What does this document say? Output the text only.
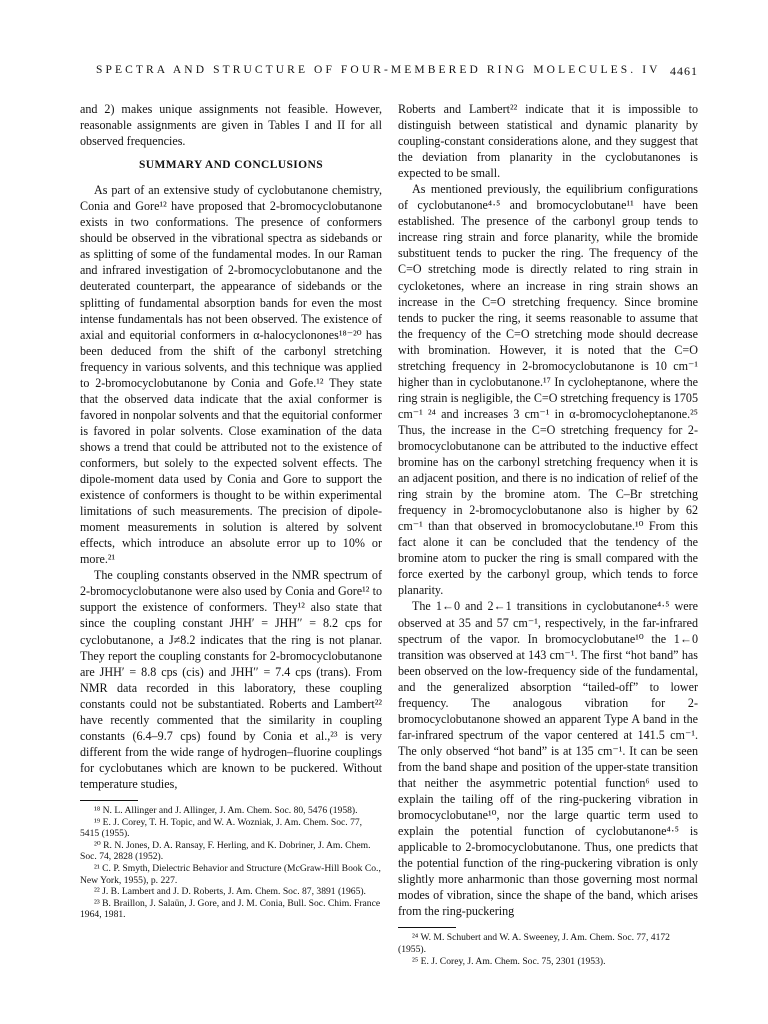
SPECTRA AND STRUCTURE OF FOUR-MEMBERED RING MOLECULES. IV 4461

and 2) makes unique assignments not feasible. However, reasonable assignments are given in Tables I and II for all observed frequencies.

SUMMARY AND CONCLUSIONS

As part of an extensive study of cyclobutanone chemistry, Conia and Gore¹² have proposed that 2-bromocyclobutanone exists in two conformations. The presence of conformers should be observed in the vibrational spectra as sidebands or as splitting of some of the fundamental modes. In our Raman and infrared investigation of 2-bromocyclobutanone and the deuterated counterpart, the appearance of sidebands or the splitting of fundamental absorption bands for even the most intense fundamentals has not been observed. The existence of axial and equitorial conformers in α-halocyclonones¹⁸⁻²⁰ has been deduced from the shift of the carbonyl stretching frequency in various solvents, and this technique was applied to 2-bromocyclobutanone by Conia and Gofe.¹² They state that the observed data indicate that the axial conformer is favored in nonpolar solvents and that the equitorial conformer is favored in polar solvents. Close examination of the data shows a trend that could be attributed not to the existence of conformers, but solely to the expected solvent effects. The dipole-moment data used by Conia and Gore to support the existence of conformers is thought to be within experimental limitations of such measurements. The precision of dipole-moment measurements in solution is altered by solvent effects, which introduce an absolute error up to 10% or more.²¹

The coupling constants observed in the NMR spectrum of 2-bromocyclobutanone were also used by Conia and Gore¹² to support the existence of conformers. They¹² also state that since the coupling constant JHH′ = JHH′′ = 8.2 cps for cyclobutanone, a J≠8.2 indicates that the ring is not planar. They report the coupling constants for 2-bromocyclobutanone are JHH′ = 8.8 cps (cis) and JHH′′ = 7.4 cps (trans). From NMR data recorded in this laboratory, these coupling constants could not be substantiated. Roberts and Lambert²² have recently commented that the similarity in coupling constants (6.4–9.7 cps) found by Conia et al.,²³ is very different from the wide range of hydrogen–fluorine couplings for cyclobutanes which are known to be puckered. Without temperature studies,

¹⁸ N. L. Allinger and J. Allinger, J. Am. Chem. Soc. 80, 5476 (1958).

¹⁹ E. J. Corey, T. H. Topic, and W. A. Wozniak, J. Am. Chem. Soc. 77, 5415 (1955).

²⁰ R. N. Jones, D. A. Ransay, F. Herling, and K. Dobriner, J. Am. Chem. Soc. 74, 2828 (1952).

²¹ C. P. Smyth, Dielectric Behavior and Structure (McGraw-Hill Book Co., New York, 1955), p. 227.

²² J. B. Lambert and J. D. Roberts, J. Am. Chem. Soc. 87, 3891 (1965).

²³ B. Braillon, J. Salaün, J. Gore, and J. M. Conia, Bull. Soc. Chim. France 1964, 1981.

Roberts and Lambert²² indicate that it is impossible to distinguish between statistical and dynamic planarity by coupling-constant considerations alone, and they suggest that the deviation from planarity in the cyclobutanones is expected to be small.

As mentioned previously, the equilibrium configurations of cyclobutanone⁴·⁵ and bromocyclobutane¹¹ have been established. The presence of the carbonyl group tends to increase ring strain and force planarity, while the bromide substituent tends to pucker the ring. The frequency of the C=O stretching mode is directly related to ring strain in cycloketones, where an increase in ring strain shows an increase in the C=O stretching frequency. Since bromine tends to pucker the ring, it seems reasonable to assume that the frequency of the C=O stretching mode should decrease with bromination. However, it is noted that the C=O stretching frequency in 2-bromocyclobutanone is 10 cm⁻¹ higher than in cyclobutanone.¹⁷ In cycloheptanone, where the ring strain is negligible, the C=O stretching frequency is 1705 cm⁻¹ ²⁴ and increases 3 cm⁻¹ in α-bromocycloheptanone.²⁵ Thus, the increase in the C=O stretching frequency for 2-bromocyclobutanone can be attributed to the inductive effect bromine has on the carbonyl stretching frequency when it is an adjacent position, and there is no indication of relief of the ring strain by the bromine atom. The C–Br stretching frequency in 2-bromocyclobutanone also is higher by 62 cm⁻¹ than that observed in bromocyclobutane.¹⁰ From this fact alone it can be concluded that the tendency of the bromine atom to pucker the ring is small compared with the force exerted by the carbonyl group, which tends to force planarity.

The 1←0 and 2←1 transitions in cyclobutanone⁴·⁵ were observed at 35 and 57 cm⁻¹, respectively, in the far-infrared spectrum of the vapor. In bromocyclobutane¹⁰ the 1←0 transition was observed at 143 cm⁻¹. The first “hot band” has been observed on the low-frequency side of the fundamental, and the generalized absorption “tailed-off” to lower frequency. The analogous vibration for 2-bromocyclobutanone showed an apparent Type A band in the far-infrared spectrum of the vapor centered at 141.5 cm⁻¹. The only observed “hot band” is at 135 cm⁻¹. It can be seen from the band shape and position of the upper-state transition that neither the asymmetric potential function⁶ used to explain the tailing off of the ring-puckering vibration in bromocyclobutane¹⁰, nor the large quartic term used to explain the potential function of cyclobutanone⁴·⁵ is applicable to 2-bromocyclobutanone. Thus, one predicts that the potential function of the ring-puckering vibration is only slightly more anharmonic than those governing most normal modes of vibration, since the shape of the band, which arises from the ring-puckering

²⁴ W. M. Schubert and W. A. Sweeney, J. Am. Chem. Soc. 77, 4172 (1955).

²⁵ E. J. Corey, J. Am. Chem. Soc. 75, 2301 (1953).
